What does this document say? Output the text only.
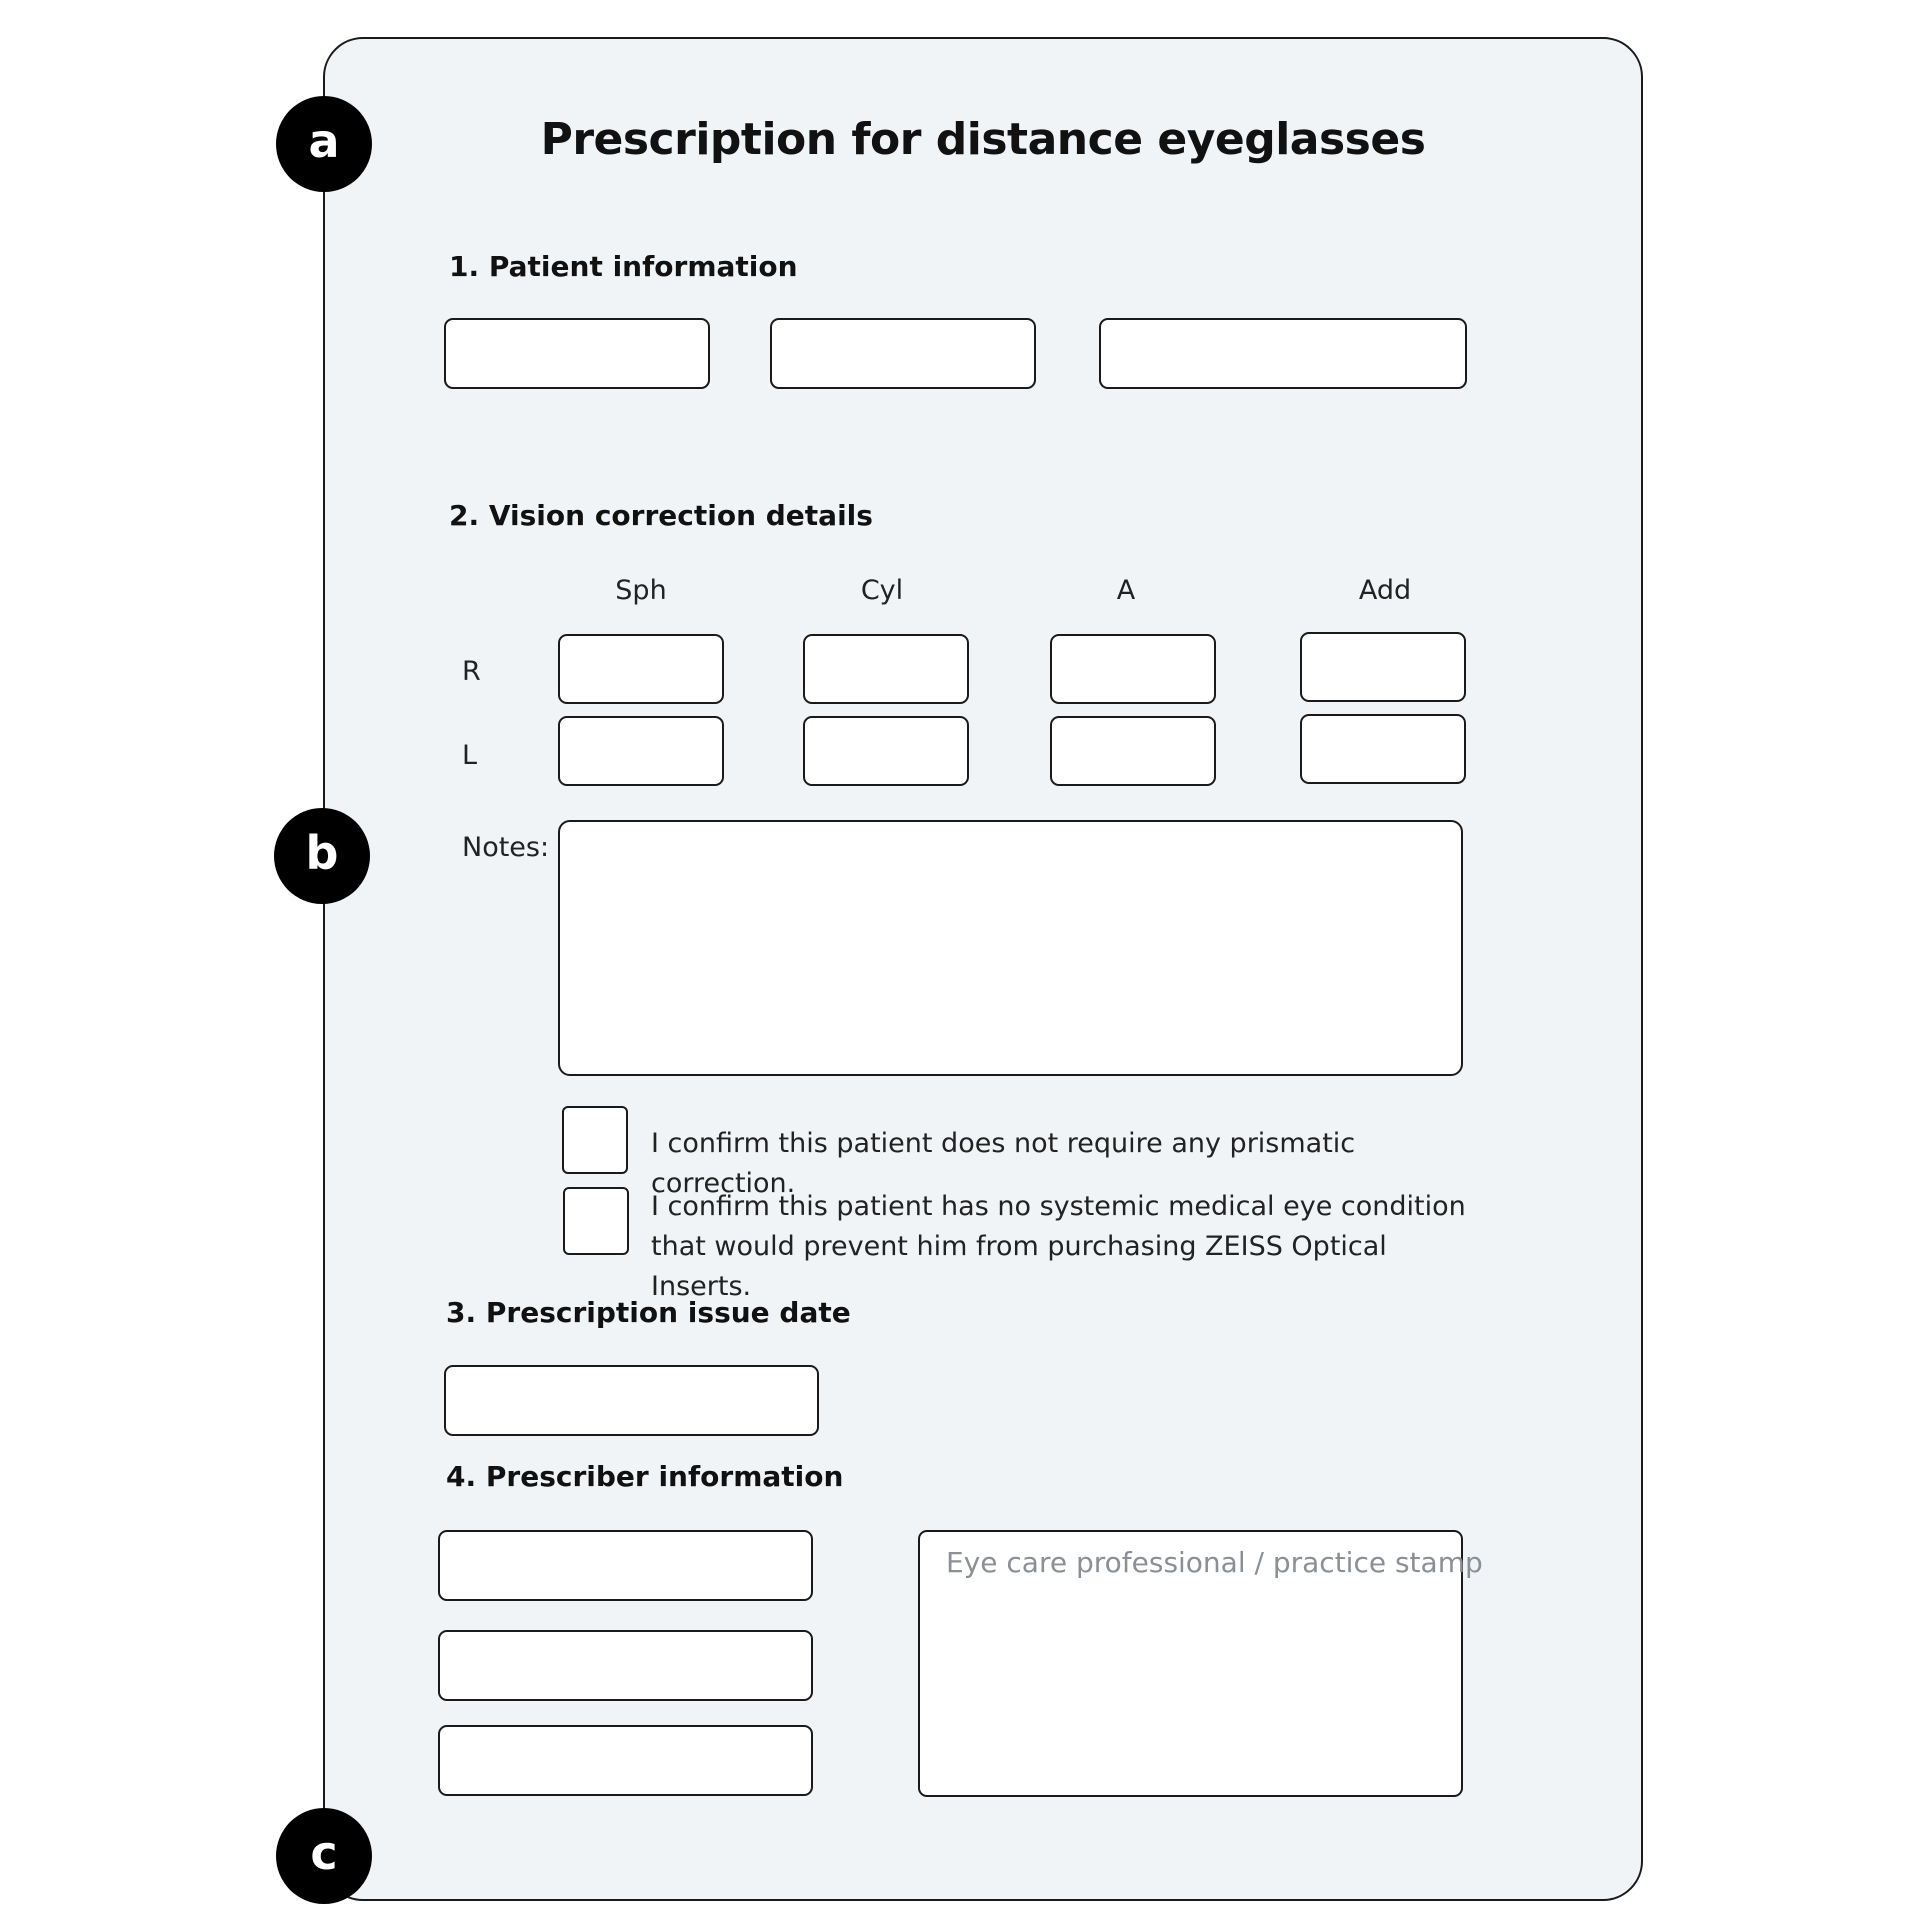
a
b
c
Prescription for distance eyeglasses
1. Patient information
2. Vision correction details
Sph	Cyl	A	Add
R
L
Notes:
I confirm this patient does not require any prismatic correction.
I confirm this patient has no systemic medical eye condition that would prevent him from purchasing ZEISS Optical Inserts.
3. Prescription issue date
4. Prescriber information
Eye care professional / practice stamp
